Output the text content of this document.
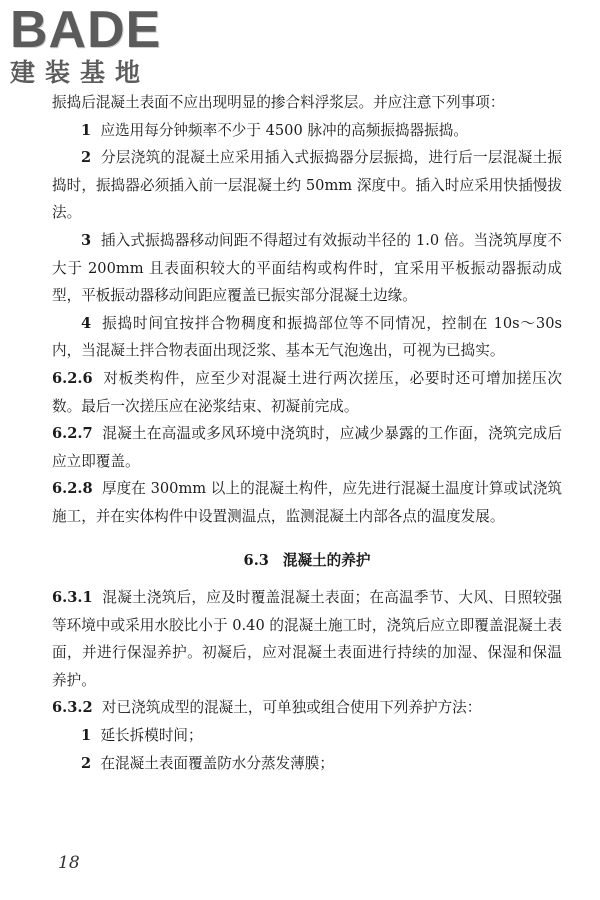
BADE
建装基地

振捣后混凝土表面不应出现明显的掺合料浮浆层。并应注意下列事项：

1 应选用每分钟频率不少于 4500 脉冲的高频振捣器振捣。

2 分层浇筑的混凝土应采用插入式振捣器分层振捣，进行后一层混凝土振捣时，振捣器必须插入前一层混凝土约 50mm 深度中。插入时应采用快插慢拔法。

3 插入式振捣器移动间距不得超过有效振动半径的 1.0 倍。当浇筑厚度不大于 200mm 且表面积较大的平面结构或构件时，宜采用平板振动器振动成型，平板振动器移动间距应覆盖已振实部分混凝土边缘。

4 振捣时间宜按拌合物稠度和振捣部位等不同情况，控制在 10s～30s 内，当混凝土拌合物表面出现泛浆、基本无气泡逸出，可视为已捣实。

6.2.6 对板类构件，应至少对混凝土进行两次搓压，必要时还可增加搓压次数。最后一次搓压应在泌浆结束、初凝前完成。

6.2.7 混凝土在高温或多风环境中浇筑时，应减少暴露的工作面，浇筑完成后应立即覆盖。

6.2.8 厚度在 300mm 以上的混凝土构件，应先进行混凝土温度计算或试浇筑施工，并在实体构件中设置测温点，监测混凝土内部各点的温度发展。

6.3 混凝土的养护

6.3.1 混凝土浇筑后，应及时覆盖混凝土表面；在高温季节、大风、日照较强等环境中或采用水胶比小于 0.40 的混凝土施工时，浇筑后应立即覆盖混凝土表面，并进行保湿养护。初凝后，应对混凝土表面进行持续的加湿、保湿和保温养护。

6.3.2 对已浇筑成型的混凝土，可单独或组合使用下列养护方法：

1 延长拆模时间；

2 在混凝土表面覆盖防水分蒸发薄膜；

18
